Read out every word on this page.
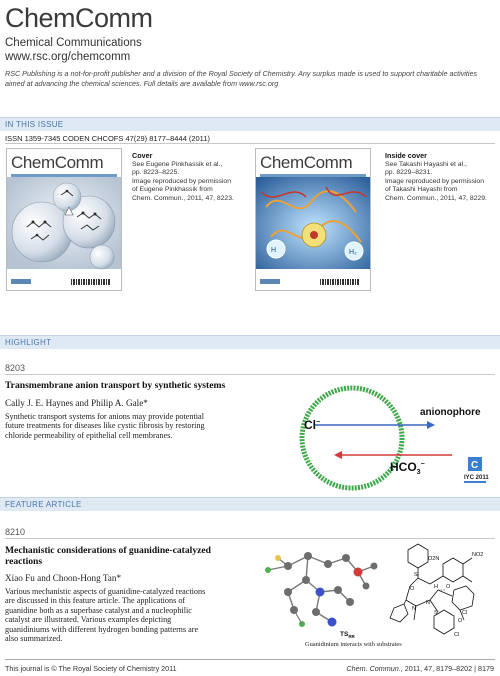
ChemComm
Chemical Communications
www.rsc.org/chemcomm
RSC Publishing is a not-for-profit publisher and a division of the Royal Society of Chemistry. Any surplus made is used to support charitable activities aimed at advancing the chemical sciences. Full details are available from www.rsc.org
IN THIS ISSUE
ISSN 1359-7345 CODEN CHCOFS 47(29) 8177–8444 (2011)
ChemComm	Cover
See Eugene Pinkhassik et al.,
pp. 8223–8225.
Image reproduced by permission
of Eugene Pinkhassik from
Chem. Commun., 2011, 47, 8223.
ChemComm
H	H₂
Inside cover
See Takashi Hayashi et al.,
pp. 8229–8231.
Image reproduced by permission
of Takashi Hayashi from
Chem. Commun., 2011, 47, 8229.
HIGHLIGHT
8203
Transmembrane anion transport by synthetic systems
Cally J. E. Haynes and Philip A. Gale*
Synthetic transport systems for anions may provide potential
future treatments for diseases like cystic fibrosis by restoring
chloride permeability of epithelial cell membranes.
Cl−
$HCO_3^-$
anionophore
C
IYC 2011
FEATURE ARTICLE
8210
Mechanistic considerations of guanidine-catalyzed
reactions
Xiao Fu and Choon-Hong Tan*
Various mechanistic aspects of guanidine-catalyzed reactions
are discussed in this feature article. The applications of
guanidine both as a superbase catalyst and a nucleophilic
catalyst are illustrated. Various examples depicting
guanidiniums with different hydrogen bonding patterns are
also summarized.	$TS_{RR}$
O
Si
O2N
NO2
O
H
N
N
O
S	Cl
Cl
Guanidinium interacts with substrates
This journal is © The Royal Society of Chemistry 2011	Chem. Commun., 2011, 47, 8179–8202 | 8179
